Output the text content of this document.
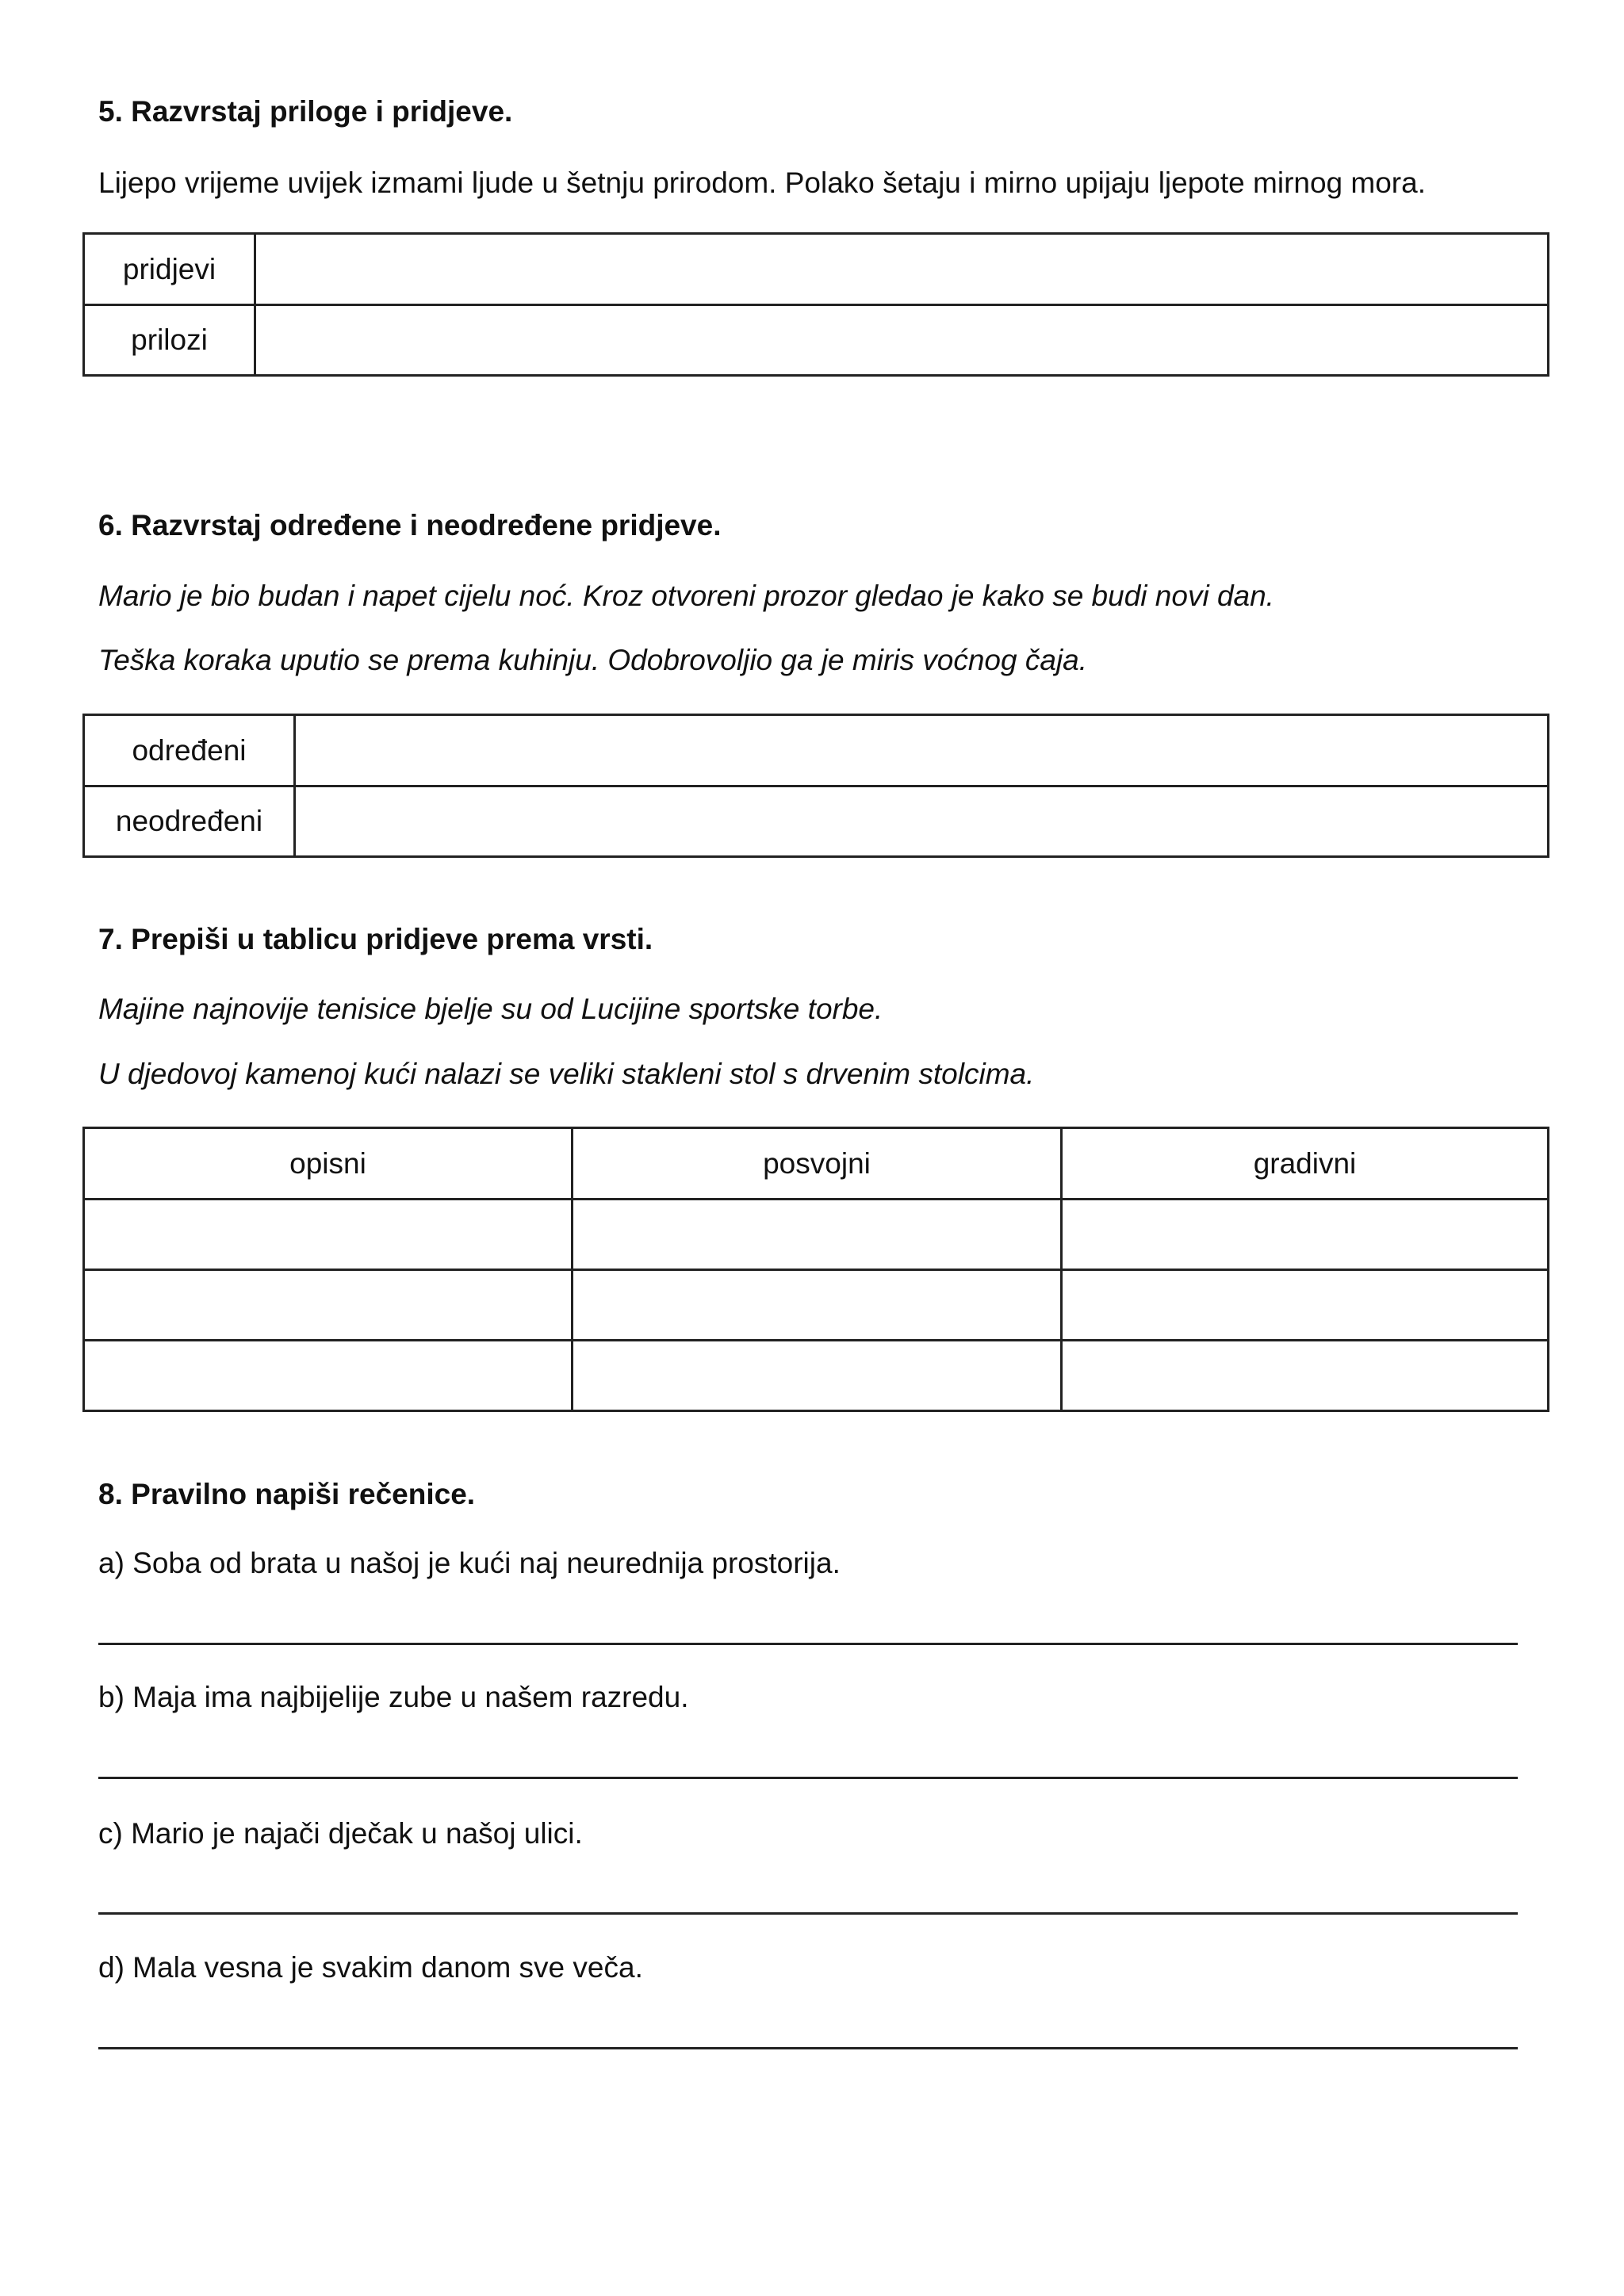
5. Razvrstaj priloge i pridjeve.
Lijepo vrijeme uvijek izmami ljude u šetnju prirodom. Polako šetaju i mirno upijaju ljepote mirnog mora.
pridjevi	
prilozi	
6. Razvrstaj određene i neodređene pridjeve.
Mario je bio budan i napet cijelu noć. Kroz otvoreni prozor gledao je kako se budi novi dan.
Teška koraka uputio se prema kuhinju. Odobrovoljio ga je miris voćnog čaja.
određeni	
neodređeni	
7. Prepiši u tablicu pridjeve prema vrsti.
Majine najnovije tenisice bjelje su od Lucijine sportske torbe.
U djedovoj kamenoj kući nalazi se veliki stakleni stol s drvenim stolcima.
opisni	posvojni	gradivni

8. Pravilno napiši rečenice.
a) Soba od brata u našoj je kući naj neurednija prostorija.
b) Maja ima najbijelije zube u našem razredu.
c) Mario je najači dječak u našoj ulici.
d) Mala vesna je svakim danom sve veča.
